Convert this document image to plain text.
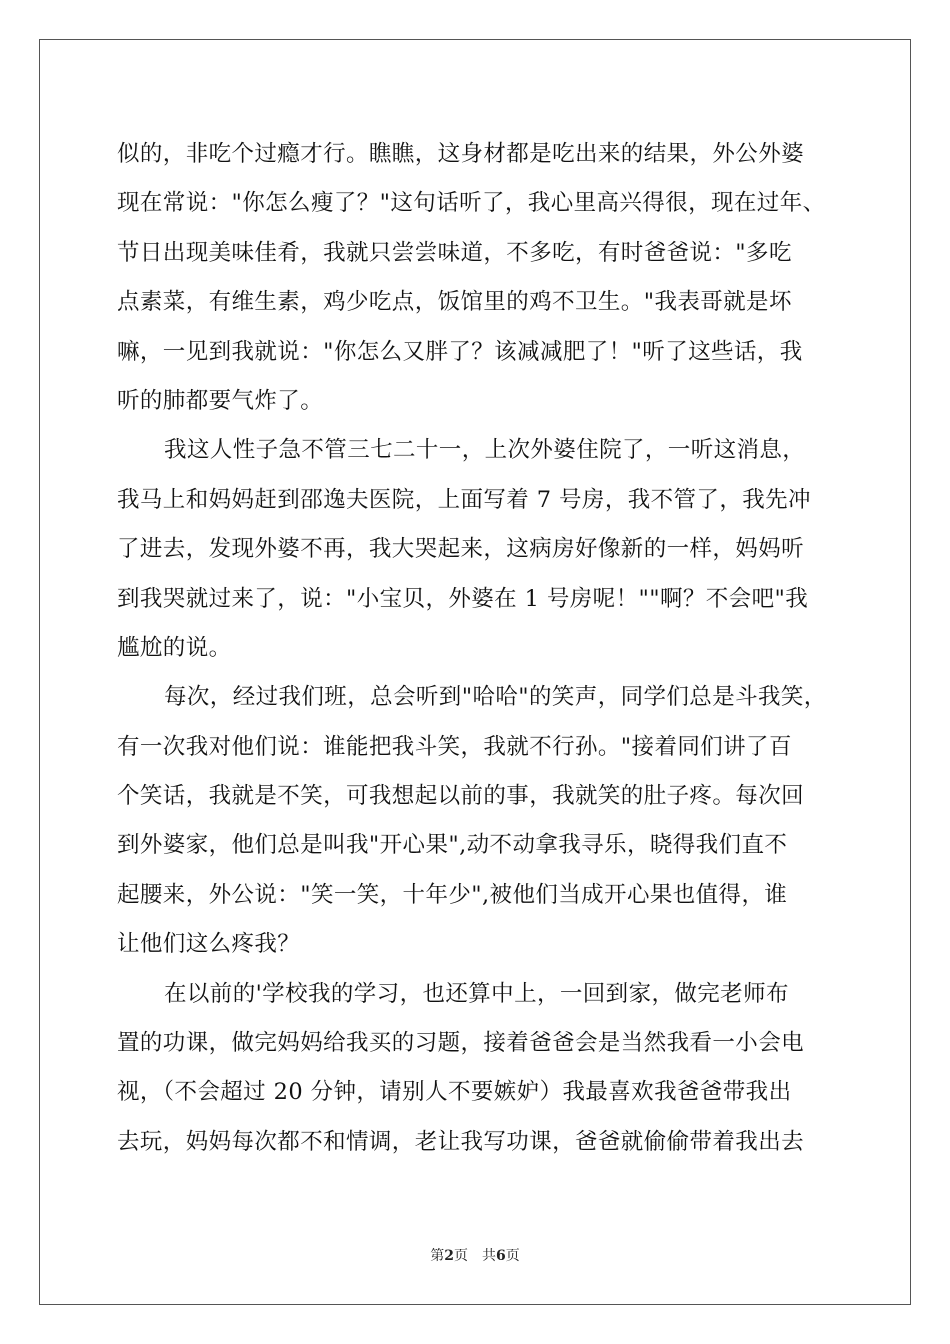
似的，非吃个过瘾才行。瞧瞧，这身材都是吃出来的结果，外公外婆
现在常说："你怎么瘦了？"这句话听了，我心里高兴得很，现在过年、
节日出现美味佳肴，我就只尝尝味道，不多吃，有时爸爸说："多吃
点素菜，有维生素，鸡少吃点，饭馆里的鸡不卫生。"我表哥就是坏
嘛，一见到我就说："你怎么又胖了？该减减肥了！"听了这些话，我
听的肺都要气炸了。
我这人性子急不管三七二十一，上次外婆住院了，一听这消息，
我马上和妈妈赶到邵逸夫医院，上面写着 7 号房，我不管了，我先冲
了进去，发现外婆不再，我大哭起来，这病房好像新的一样，妈妈听
到我哭就过来了，说："小宝贝，外婆在 1 号房呢！""啊？不会吧"我
尴尬的说。
每次，经过我们班，总会听到"哈哈"的笑声，同学们总是斗我笑，
有一次我对他们说：谁能把我斗笑，我就不行孙。"接着同们讲了百
个笑话，我就是不笑，可我想起以前的事，我就笑的肚子疼。每次回
到外婆家，他们总是叫我"开心果",动不动拿我寻乐，晓得我们直不
起腰来，外公说："笑一笑，十年少",被他们当成开心果也值得，谁
让他们这么疼我？
在以前的'学校我的学习，也还算中上，一回到家，做完老师布
置的功课，做完妈妈给我买的习题，接着爸爸会是当然我看一小会电
视，（不会超过 20 分钟，请别人不要嫉妒）我最喜欢我爸爸带我出
去玩，妈妈每次都不和情调，老让我写功课，爸爸就偷偷带着我出去
第2页 共6页
